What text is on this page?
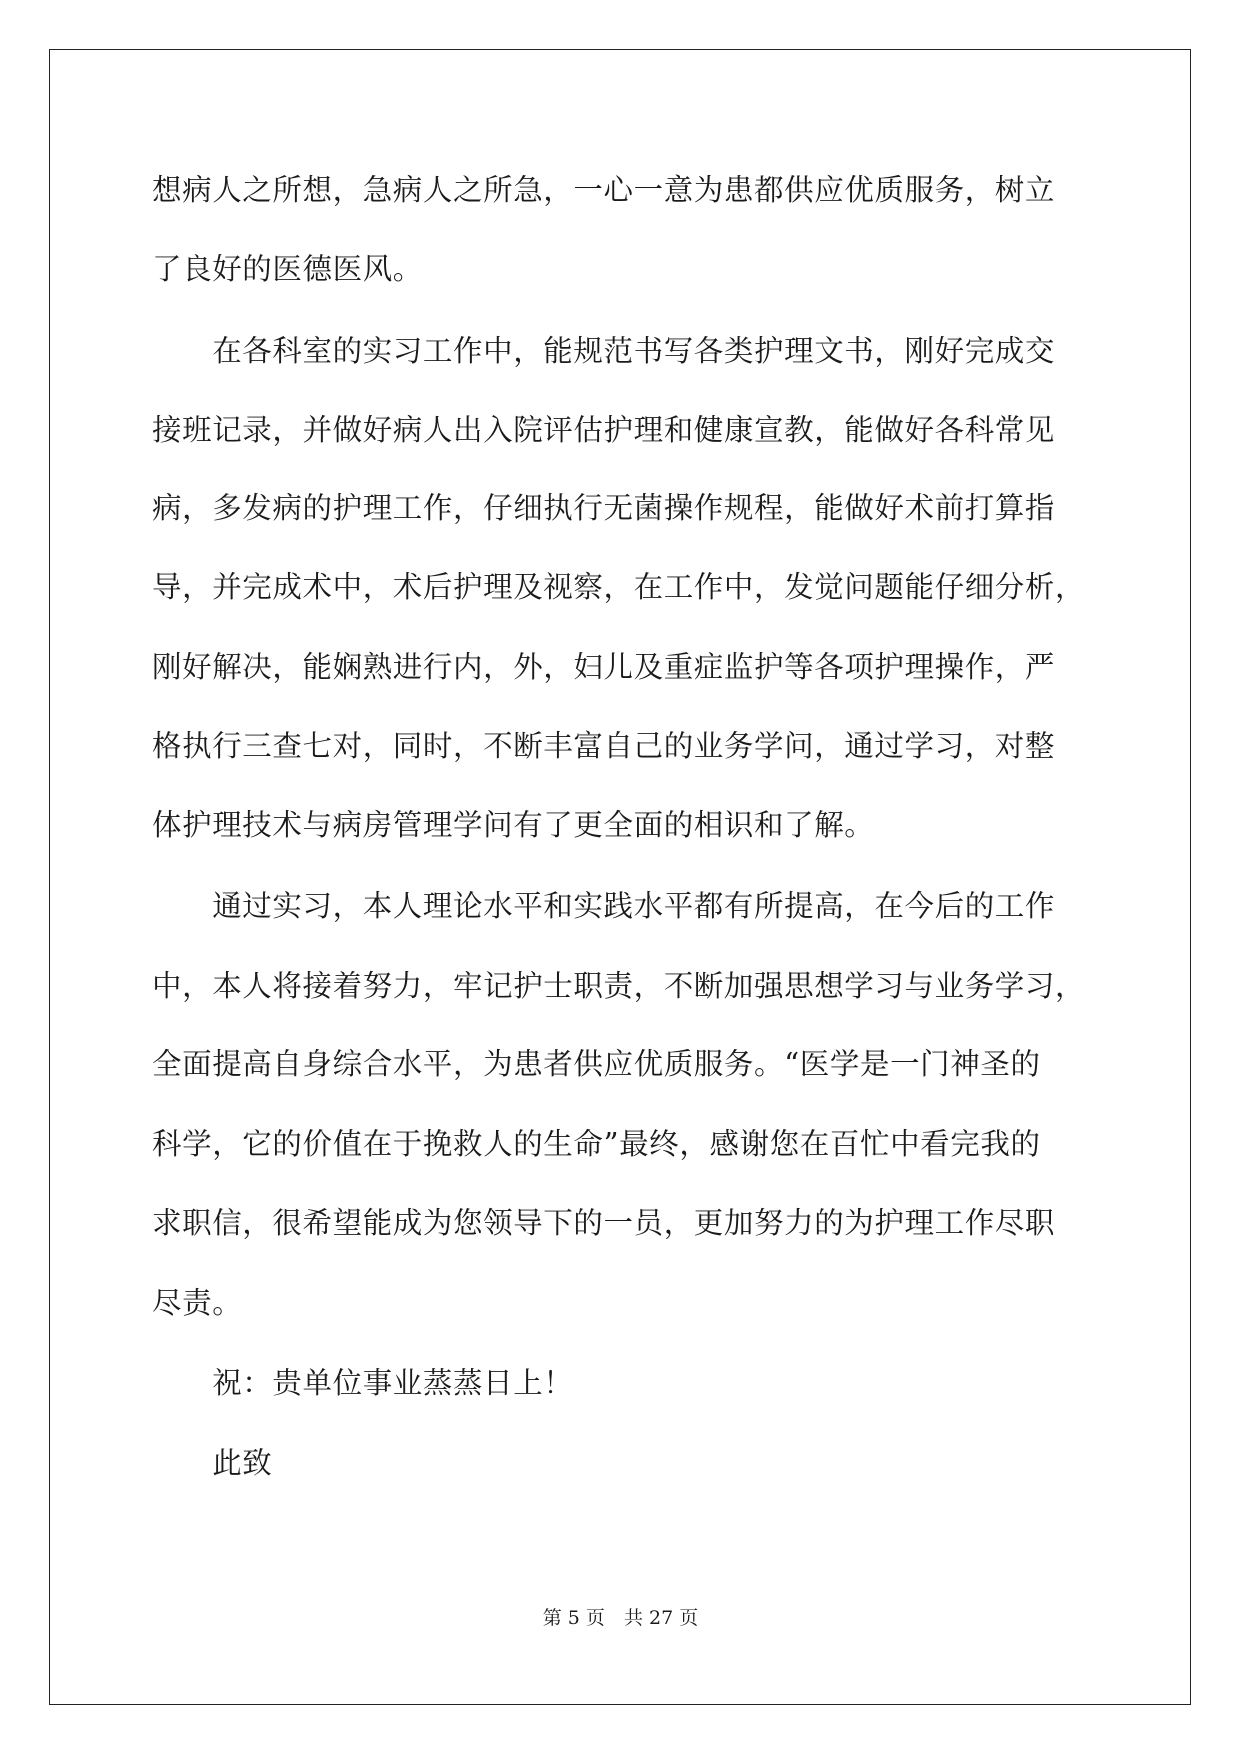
想病人之所想，急病人之所急，一心一意为患都供应优质服务，树立
了良好的医德医风。
　　在各科室的实习工作中，能规范书写各类护理文书，刚好完成交
接班记录，并做好病人出入院评估护理和健康宣教，能做好各科常见
病，多发病的护理工作，仔细执行无菌操作规程，能做好术前打算指
导，并完成术中，术后护理及视察，在工作中，发觉问题能仔细分析，
刚好解决，能娴熟进行内，外，妇儿及重症监护等各项护理操作，严
格执行三查七对，同时，不断丰富自己的业务学问，通过学习，对整
体护理技术与病房管理学问有了更全面的相识和了解。
　　通过实习，本人理论水平和实践水平都有所提高，在今后的工作
中，本人将接着努力，牢记护士职责，不断加强思想学习与业务学习，
全面提高自身综合水平，为患者供应优质服务。“医学是一门神圣的
科学，它的价值在于挽救人的生命”最终，感谢您在百忙中看完我的
求职信，很希望能成为您领导下的一员，更加努力的为护理工作尽职
尽责。
　　祝：贵单位事业蒸蒸日上！
　　此致
第 5 页　 共 27 页
